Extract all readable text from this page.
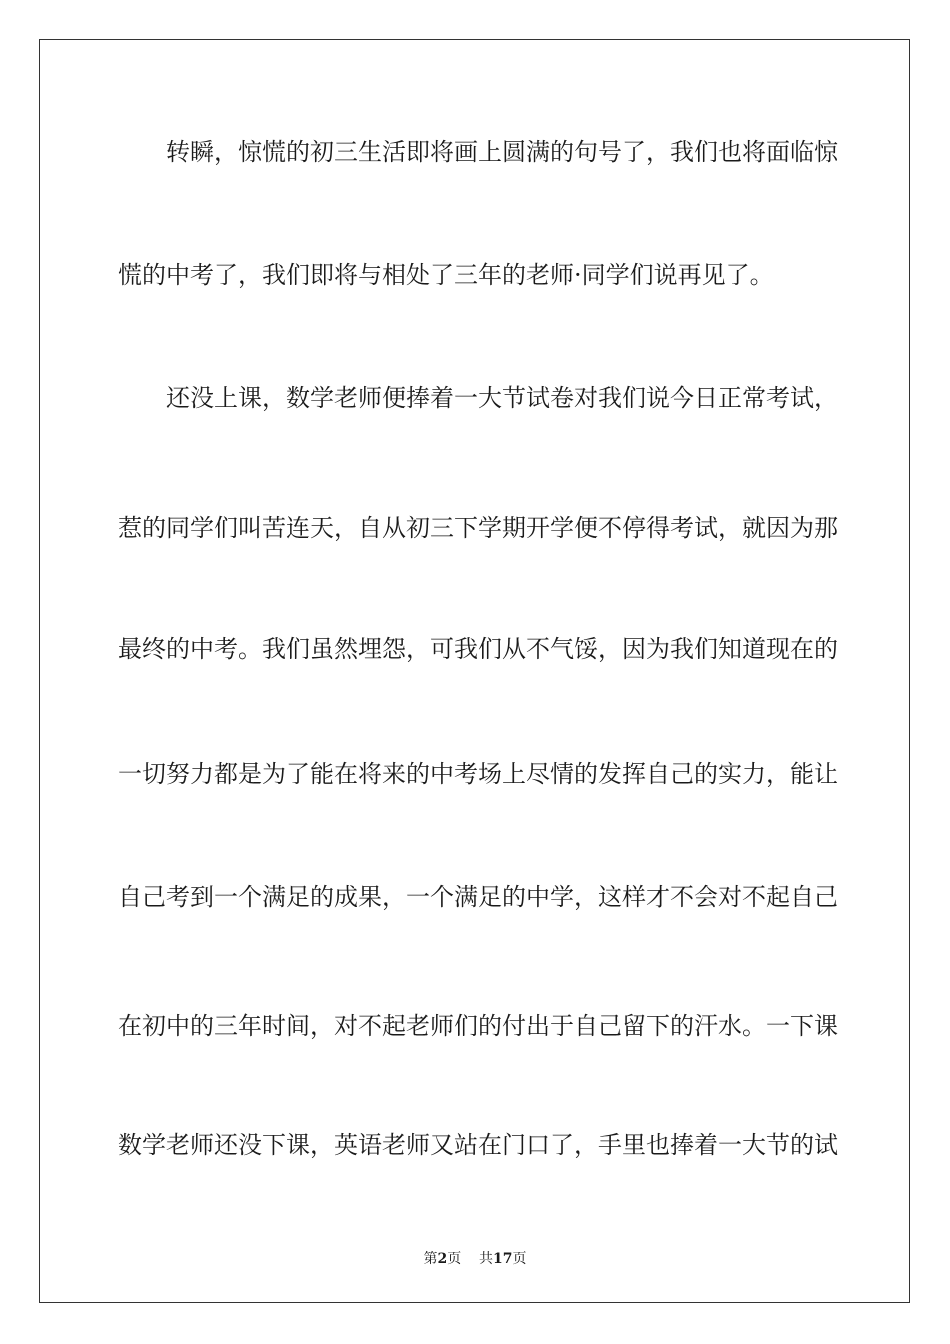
转瞬，惊慌的初三生活即将画上圆满的句号了，我们也将面临惊
慌的中考了，我们即将与相处了三年的老师·同学们说再见了。
还没上课，数学老师便捧着一大节试卷对我们说今日正常考试，
惹的同学们叫苦连天，自从初三下学期开学便不停得考试，就因为那
最终的中考。我们虽然埋怨，可我们从不气馁，因为我们知道现在的
一切努力都是为了能在将来的中考场上尽情的发挥自己的实力，能让
自己考到一个满足的成果，一个满足的中学，这样才不会对不起自己
在初中的三年时间，对不起老师们的付出于自己留下的汗水。一下课
数学老师还没下课，英语老师又站在门口了，手里也捧着一大节的试
第2页 共17页
